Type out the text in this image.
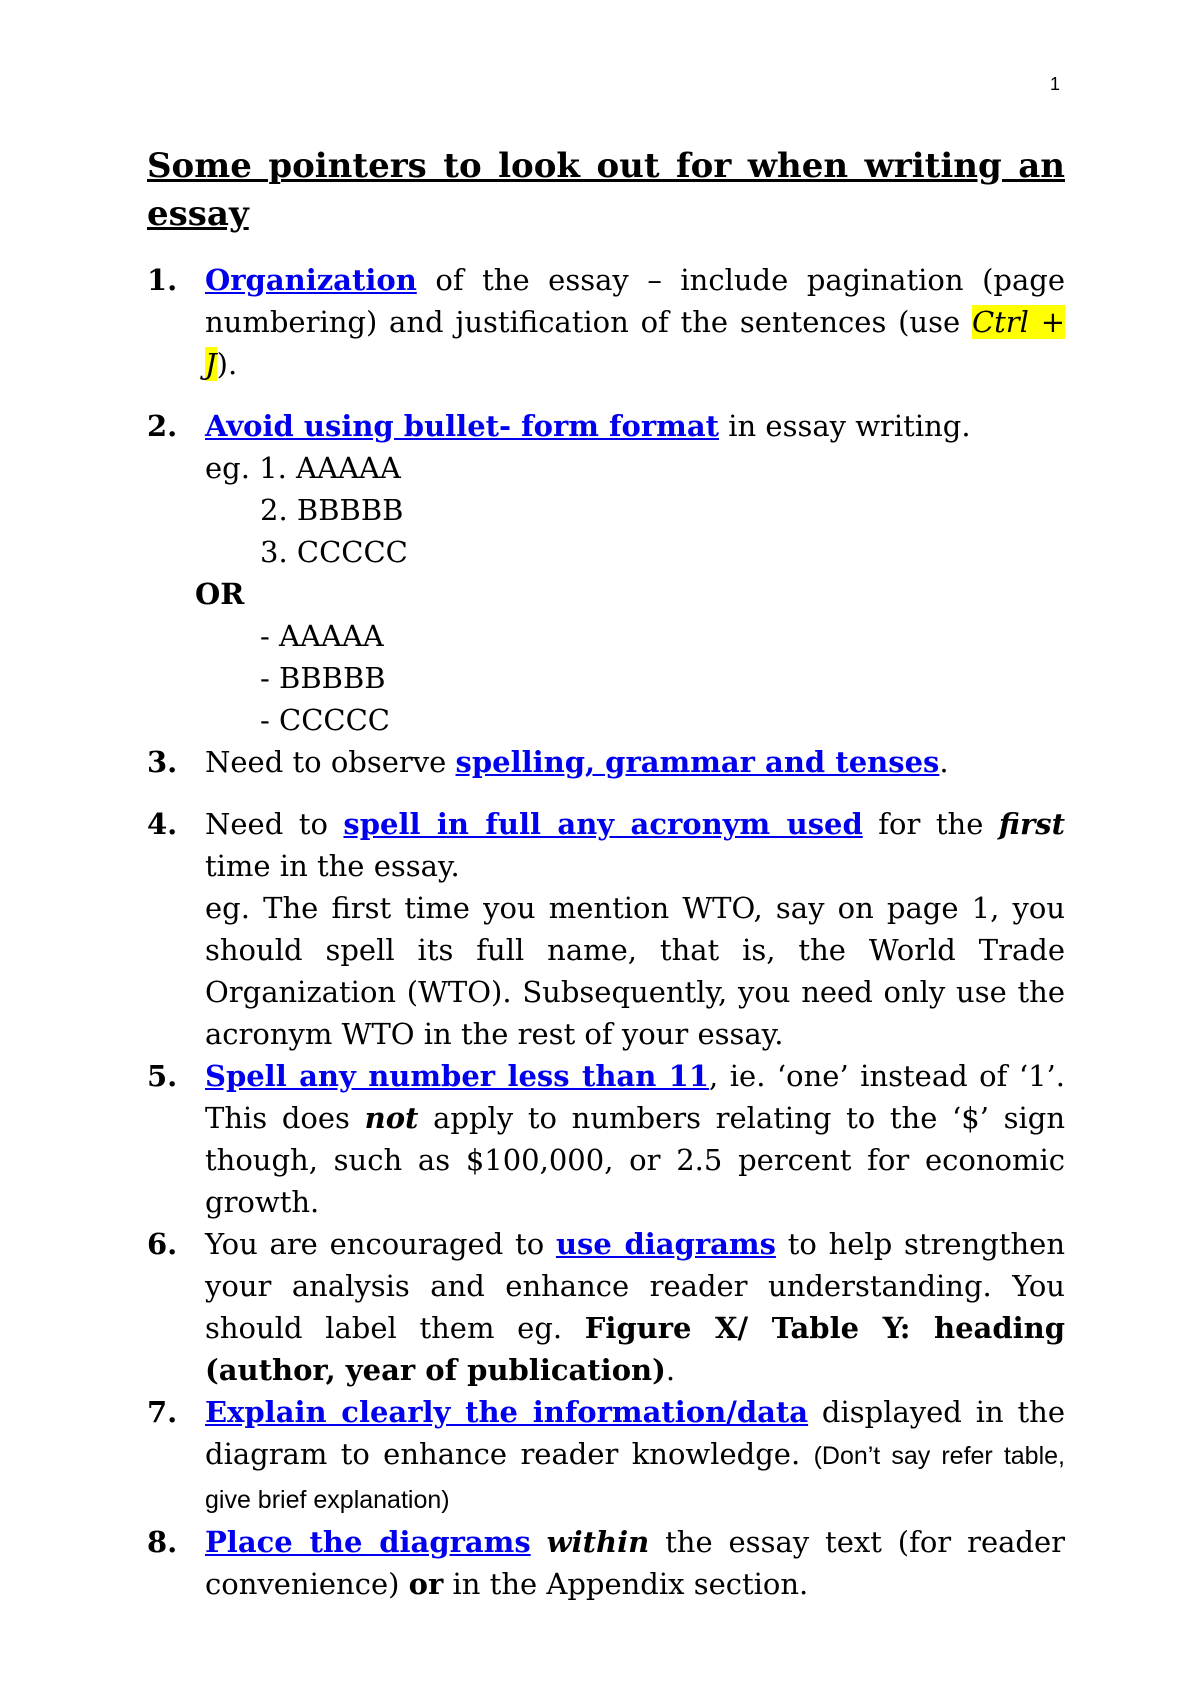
1
Some pointers to look out for when writing an essay
1. Organization of the essay – include pagination (page numbering) and justification of the sentences (use Ctrl + J).
2. Avoid using bullet- form format in essay writing.
eg. 1. AAAAA
2. BBBBB
3. CCCCC
OR
- AAAAA
- BBBBB
- CCCCC
3. Need to observe spelling, grammar and tenses.
4. Need to spell in full any acronym used for the first time in the essay.
eg. The first time you mention WTO, say on page 1, you should spell its full name, that is, the World Trade Organization (WTO). Subsequently, you need only use the acronym WTO in the rest of your essay.
5. Spell any number less than 11, ie. ‘one’ instead of ‘1’. This does not apply to numbers relating to the ‘$’ sign though, such as $100,000, or 2.5 percent for economic growth.
6. You are encouraged to use diagrams to help strengthen your analysis and enhance reader understanding. You should label them eg. Figure X/ Table Y: heading (author, year of publication).
7. Explain clearly the information/data displayed in the diagram to enhance reader knowledge. (Don’t say refer table, give brief explanation)
8. Place the diagrams within the essay text (for reader convenience) or in the Appendix section.
